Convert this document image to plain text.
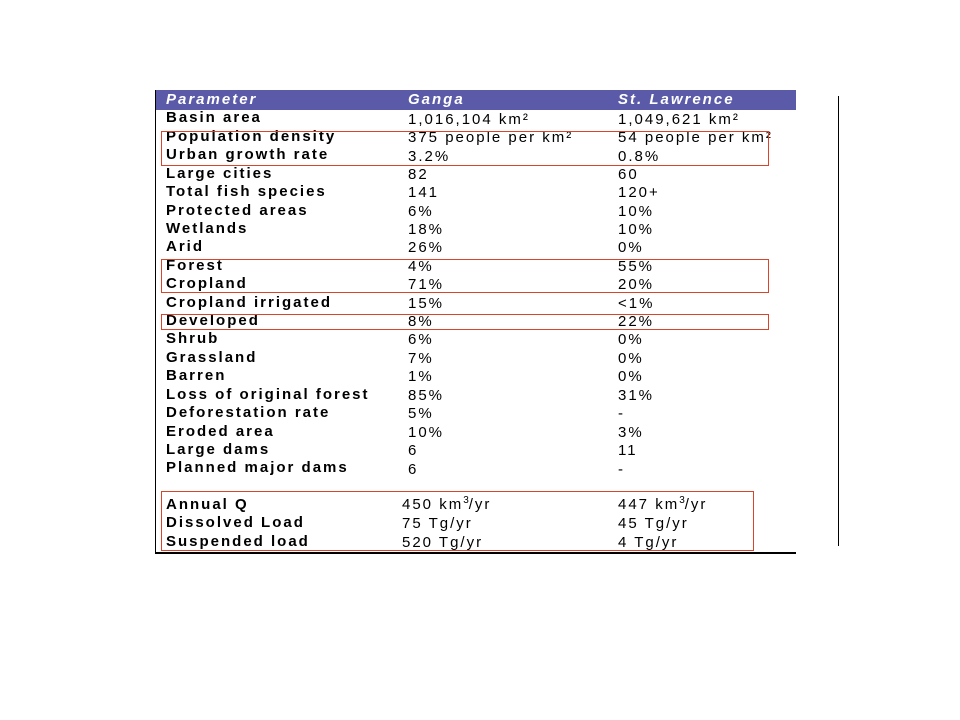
Parameter	Ganga	St. Lawrence
Basin area	1,016,104 km²	1,049,621 km²
Population density	375 people per km²	54 people per km²
Urban growth rate	3.2%	0.8%
Large cities	82	60
Total fish species	141	120+
Protected areas	6%	10%
Wetlands	18%	10%
Arid	26%	0%
Forest	4%	55%
Cropland	71%	20%
Cropland irrigated	15%	<1%
Developed	8%	22%
Shrub	6%	0%
Grassland	7%	0%
Barren	1%	0%
Loss of original forest	85%	31%
Deforestation rate	5%	-
Eroded area	10%	3%
Large dams	6	11
Planned major dams	6	-
Annual Q	450 $km^3/yr$	447 $km^3/yr$
Dissolved Load	75 Tg/yr	45 Tg/yr
Suspended load	520 Tg/yr	4 Tg/yr
